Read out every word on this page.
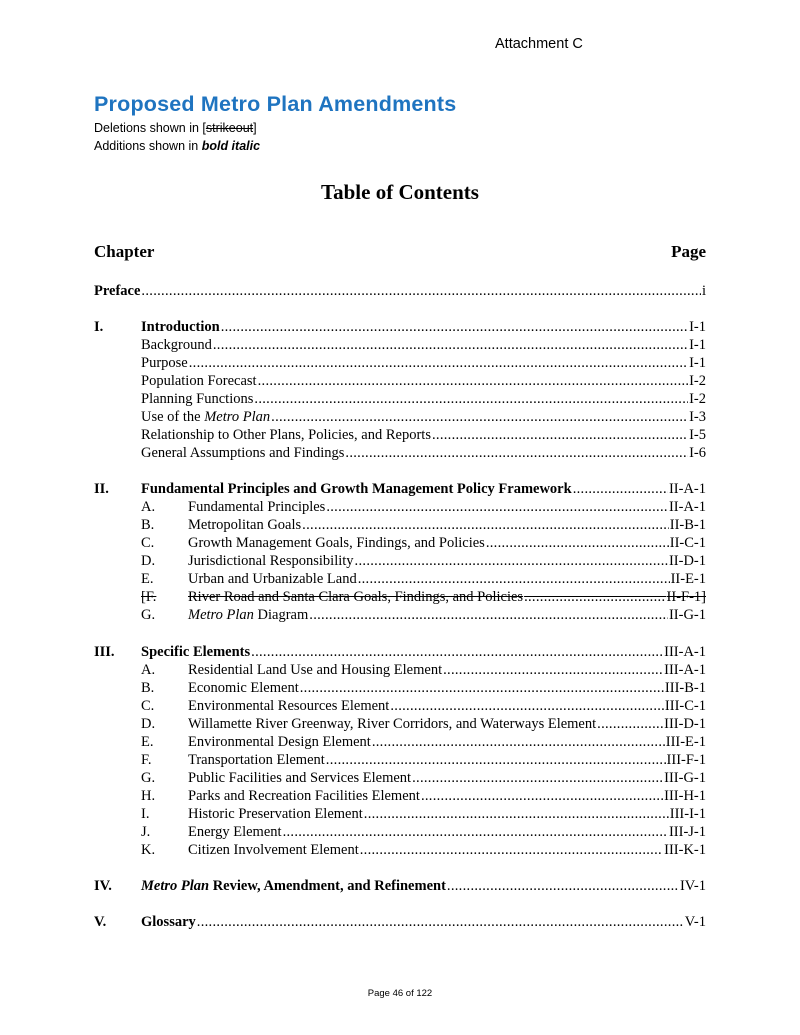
Attachment C
Proposed Metro Plan Amendments
Deletions shown in [strikeout]
Additions shown in bold italic
Table of Contents
Chapter	Page
Preface .....	i
I.	Introduction .....	I-1
Background .....	I-1
Purpose .....	I-1
Population Forecast .....	I-2
Planning Functions .....	I-2
Use of the Metro Plan .....	I-3
Relationship to Other Plans, Policies, and Reports .....	I-5
General Assumptions and Findings .....	I-6
II. Fundamental Principles and Growth Management Policy Framework .....	II-A-1
A. Fundamental Principles .....	II-A-1
B. Metropolitan Goals .....	II-B-1
C. Growth Management Goals, Findings, and Policies .....	II-C-1
D. Jurisdictional Responsibility .....	II-D-1
E. Urban and Urbanizable Land .....	II-E-1
[F. River Road and Santa Clara Goals, Findings, and Policies .....	II-F-1]
G. Metro Plan Diagram .....	II-G-1
III. Specific Elements .....	III-A-1
A. Residential Land Use and Housing Element .....	III-A-1
B. Economic Element .....	III-B-1
C. Environmental Resources Element .....	III-C-1
D. Willamette River Greenway, River Corridors, and Waterways Element .....	III-D-1
E. Environmental Design Element .....	III-E-1
F.	Transportation Element .....	III-F-1
G. Public Facilities and Services Element .....	III-G-1
H. Parks and Recreation Facilities Element .....	III-H-1
I.	Historic Preservation Element .....	III-I-1
J.	Energy Element .....	III-J-1
K. Citizen Involvement Element .....	III-K-1
IV. Metro Plan Review, Amendment, and Refinement .....	IV-1
V. Glossary .....	V-1
Page 46 of 122
